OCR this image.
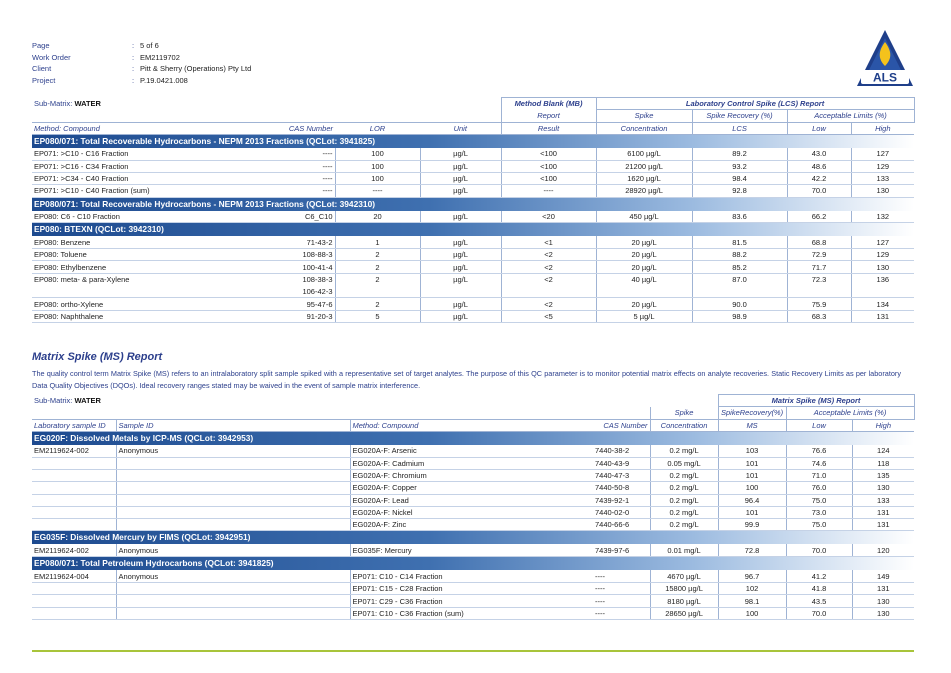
Page	: 5 of 6
Work Order	: EM2119702
Client	: Pitt & Sherry (Operations) Pty Ltd
Project	: P.19.0421.008	ALS
Sub-Matrix: WATER				Method Blank (MB)	Laboratory Control Spike (LCS) Report			
				Report	Spike	Spike Recovery (%)	Acceptable Limits (%)	
Method: Compound	CAS Number	LOR	Unit	Result	Concentration	LCS	Low	High
EP080/071: Total Recoverable Hydrocarbons - NEPM 2013 Fractions (QCLot: 3941825)								
EP071: >C10 - C16 Fraction	----	100	µg/L	<100	6100 µg/L	89.2	43.0	127
EP071: >C16 - C34 Fraction	----	100	µg/L	<100	21200 µg/L	93.2	48.6	129
EP071: >C34 - C40 Fraction	----	100	µg/L	<100	1620 µg/L	98.4	42.2	133
EP071: >C10 - C40 Fraction (sum)	----	----	µg/L	----	28920 µg/L	92.8	70.0	130
EP080/071: Total Recoverable Hydrocarbons - NEPM 2013 Fractions (QCLot: 3942310)								
EP080: C6 - C10 Fraction	C6_C10	20	µg/L	<20	450 µg/L	83.6	66.2	132
EP080: BTEXN (QCLot: 3942310)								
EP080: Benzene	71-43-2	1	µg/L	<1	20 µg/L	81.5	68.8	127
EP080: Toluene	108-88-3	2	µg/L	<2	20 µg/L	88.2	72.9	129
EP080: Ethylbenzene	100-41-4	2	µg/L	<2	20 µg/L	85.2	71.7	130
EP080: meta- & para-Xylene	108-38-3	2	µg/L	<2	40 µg/L	87.0	72.3	136
	106-42-3							
EP080: ortho-Xylene	95-47-6	2	µg/L	<2	20 µg/L	90.0	75.9	134
EP080: Naphthalene	91-20-3	5	µg/L	<5	5 µg/L	98.9	68.3	131
Matrix Spike (MS) Report
The quality control term Matrix Spike (MS) refers to an intralaboratory split sample spiked with a representative set of target analytes. The purpose of this QC parameter is to monitor potential matrix effects on analyte recoveries. Static Recovery Limits as per laboratory Data Quality Objectives (DQOs). Ideal recovery ranges stated may be waived in the event of sample matrix interference.
Sub-Matrix: WATER					Matrix Spike (MS) Report		
				Spike	SpikeRecovery(%)	Acceptable Limits (%)	
Laboratory sample ID	Sample ID	Method: Compound	CAS Number	Concentration	MS	Low	High
EG020F: Dissolved Metals by ICP-MS (QCLot: 3942953)							
EM2119624-002	Anonymous	EG020A-F: Arsenic	7440-38-2	0.2 mg/L	103	76.6	124
		EG020A-F: Cadmium	7440-43-9	0.05 mg/L	101	74.6	118
		EG020A-F: Chromium	7440-47-3	0.2 mg/L	101	71.0	135
		EG020A-F: Copper	7440-50-8	0.2 mg/L	100	76.0	130
		EG020A-F: Lead	7439-92-1	0.2 mg/L	96.4	75.0	133
		EG020A-F: Nickel	7440-02-0	0.2 mg/L	101	73.0	131
		EG020A-F: Zinc	7440-66-6	0.2 mg/L	99.9	75.0	131
EG035F: Dissolved Mercury by FIMS (QCLot: 3942951)							
EM2119624-002	Anonymous	EG035F: Mercury	7439-97-6	0.01 mg/L	72.8	70.0	120
EP080/071: Total Petroleum Hydrocarbons (QCLot: 3941825)							
EM2119624-004	Anonymous	EP071: C10 - C14 Fraction	----	4670 µg/L	96.7	41.2	149
		EP071: C15 - C28 Fraction	----	15800 µg/L	102	41.8	131
		EP071: C29 - C36 Fraction	----	8180 µg/L	98.1	43.5	130
		EP071: C10 - C36 Fraction (sum)	----	28650 µg/L	100	70.0	130
